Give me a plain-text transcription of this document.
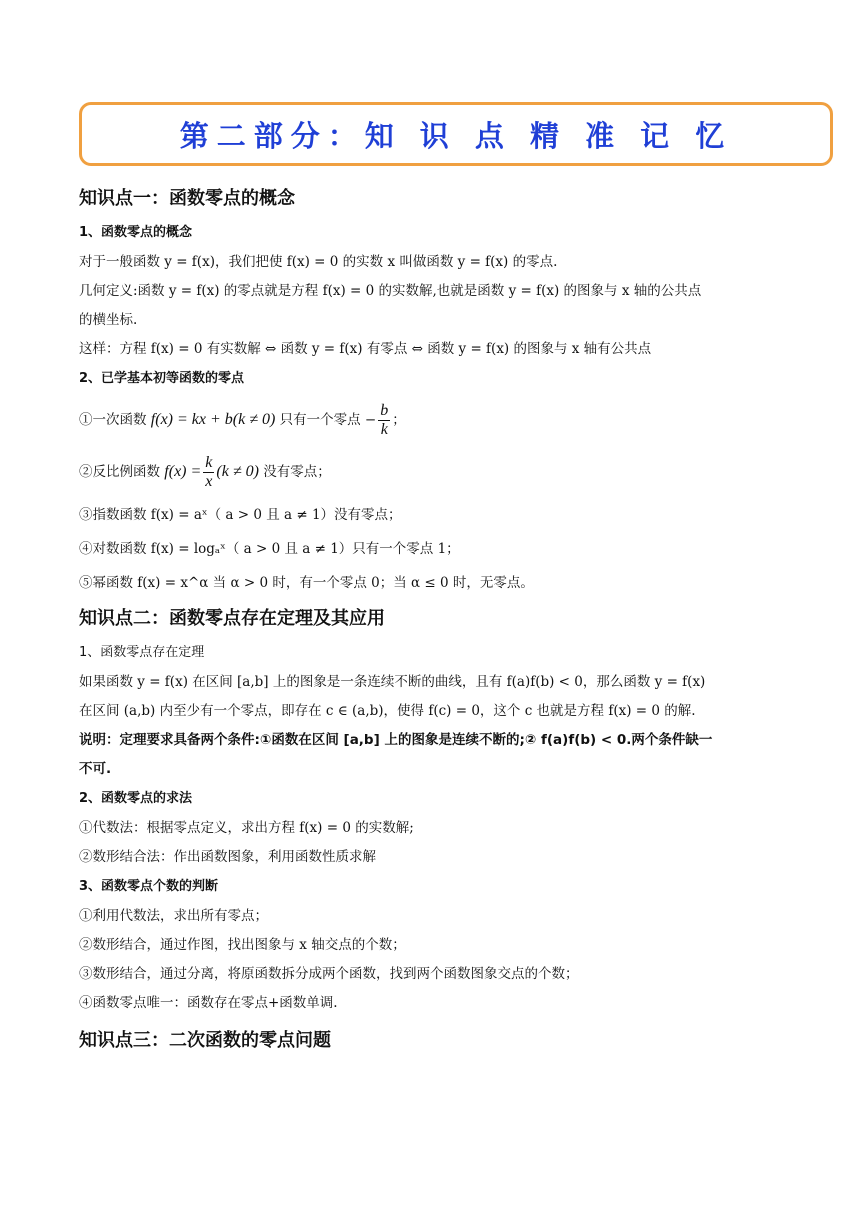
第二部分：知 识 点 精 准 记 忆

知识点一：函数零点的概念

1、函数零点的概念

对于一般函数 y = f(x)，我们把使 f(x) = 0 的实数 x 叫做函数 y = f(x) 的零点.

几何定义:函数 y = f(x) 的零点就是方程 f(x) = 0 的实数解,也就是函数 y = f(x) 的图象与 x 轴的公共点

的横坐标.

这样：方程 f(x) = 0 有实数解 ⇔ 函数 y = f(x) 有零点 ⇔ 函数 y = f(x) 的图象与 x 轴有公共点

2、已学基本初等函数的零点

①一次函数 f(x) = kx + b(k ≠ 0) 只有一个零点 − $\frac{b}{k}$ ；

②反比例函数 $f(x) = \frac{k}{x} (k \ne 0)$ 没有零点；

③指数函数 f(x) = aˣ（ a > 0 且 a ≠ 1）没有零点；

④对数函数 f(x) = logₐˣ（ a > 0 且 a ≠ 1）只有一个零点 1；

⑤幂函数 f(x) = x^α 当 α > 0 时，有一个零点 0；当 α ≤ 0 时，无零点。

知识点二：函数零点存在定理及其应用

1、函数零点存在定理

如果函数 y = f(x) 在区间 [a,b] 上的图象是一条连续不断的曲线，且有 f(a)f(b) < 0，那么函数 y = f(x)

在区间 (a,b) 内至少有一个零点，即存在 c ∈ (a,b)，使得 f(c) = 0，这个 c 也就是方程 f(x) = 0 的解.

说明：定理要求具备两个条件:①函数在区间 [a,b] 上的图象是连续不断的;② f(a)f(b) < 0.两个条件缺一

不可.

2、函数零点的求法

①代数法：根据零点定义，求出方程 f(x) = 0 的实数解;

②数形结合法：作出函数图象，利用函数性质求解

3、函数零点个数的判断

①利用代数法，求出所有零点；

②数形结合，通过作图，找出图象与 x 轴交点的个数；

③数形结合，通过分离，将原函数拆分成两个函数，找到两个函数图象交点的个数；

④函数零点唯一：函数存在零点+函数单调.

知识点三：二次函数的零点问题
